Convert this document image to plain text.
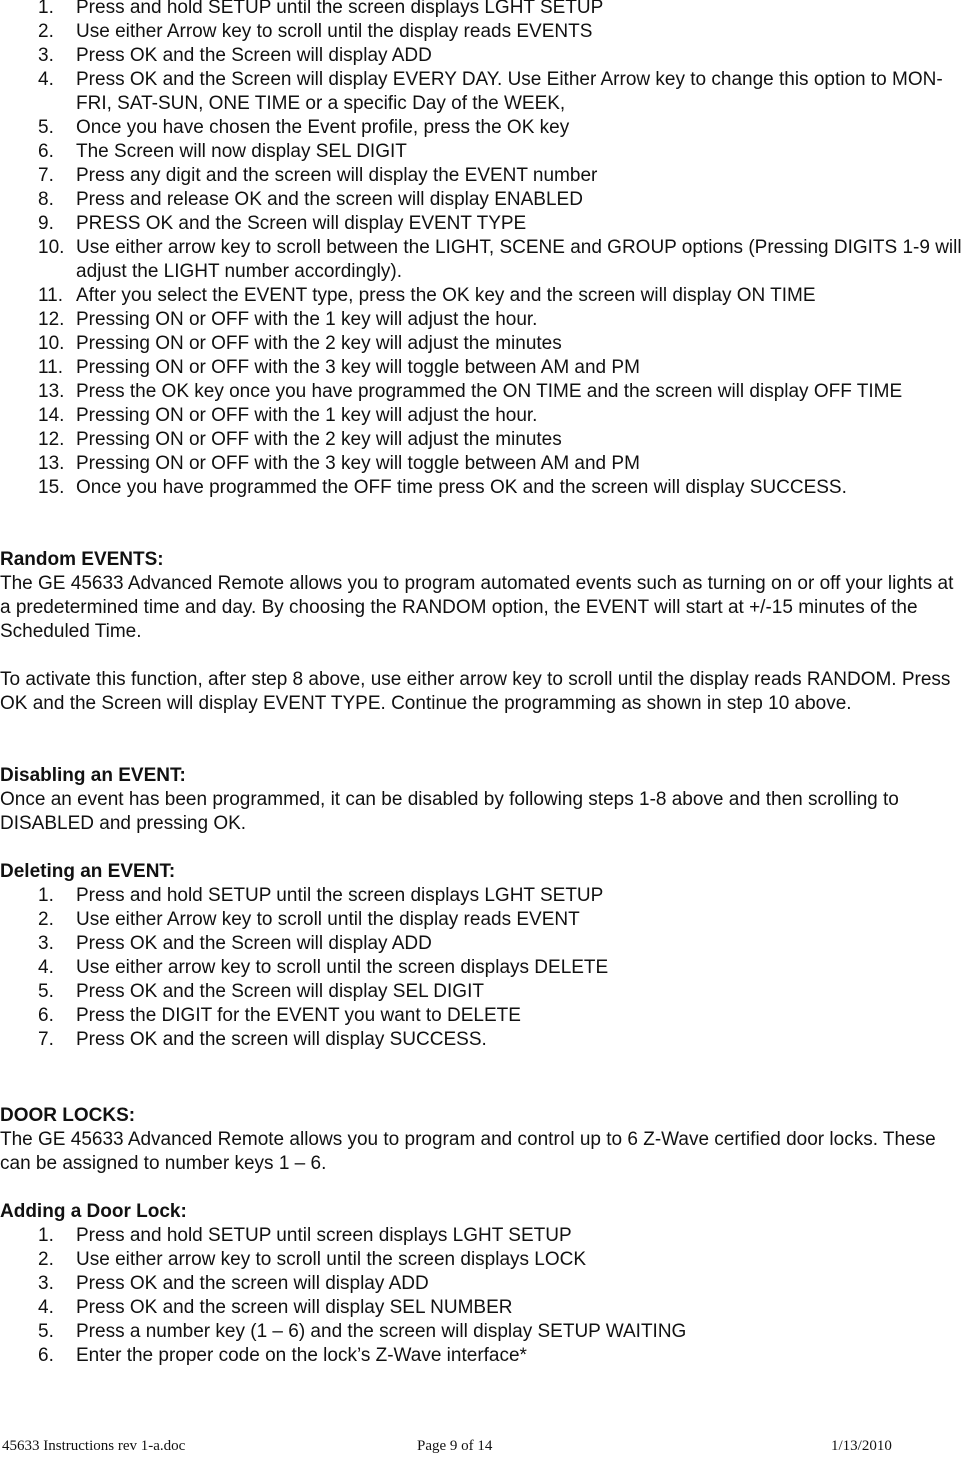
1. Press and hold SETUP until the screen displays LGHT SETUP
2. Use either Arrow key to scroll until the display reads EVENTS
3. Press OK and the Screen will display ADD
4. Press OK and the Screen will display EVERY DAY. Use Either Arrow key to change this option to MON-FRI, SAT-SUN, ONE TIME or a specific Day of the WEEK,
5. Once you have chosen the Event profile, press the OK key
6. The Screen will now display SEL DIGIT
7. Press any digit and the screen will display the EVENT number
8. Press and release OK and the screen will display ENABLED
9. PRESS OK and the Screen will display EVENT TYPE
10. Use either arrow key to scroll between the LIGHT, SCENE and GROUP options (Pressing DIGITS 1-9 will adjust the LIGHT number accordingly).
11. After you select the EVENT type, press the OK key and the screen will display ON TIME
12. Pressing ON or OFF with the 1 key will adjust the hour.
10. Pressing ON or OFF with the 2 key will adjust the minutes
11. Pressing ON or OFF with the 3 key will toggle between AM and PM
13. Press the OK key once you have programmed the ON TIME and the screen will display OFF TIME
14. Pressing ON or OFF with the 1 key will adjust the hour.
12. Pressing ON or OFF with the 2 key will adjust the minutes
13. Pressing ON or OFF with the 3 key will toggle between AM and PM
15. Once you have programmed the OFF time press OK and the screen will display SUCCESS.
Random EVENTS:
The GE 45633 Advanced Remote allows you to program automated events such as turning on or off your lights at a predetermined time and day. By choosing the RANDOM option, the EVENT will start at +/-15 minutes of the Scheduled Time.
To activate this function, after step 8 above, use either arrow key to scroll until the display reads RANDOM. Press OK and the Screen will display EVENT TYPE. Continue the programming as shown in step 10 above.
Disabling an EVENT:
Once an event has been programmed, it can be disabled by following steps 1-8 above and then scrolling to DISABLED and pressing OK.
Deleting an EVENT:
1. Press and hold SETUP until the screen displays LGHT SETUP
2. Use either Arrow key to scroll until the display reads EVENT
3. Press OK and the Screen will display ADD
4. Use either arrow key to scroll until the screen displays DELETE
5. Press OK and the Screen will display SEL DIGIT
6. Press the DIGIT for the EVENT you want to DELETE
7. Press OK and the screen will display SUCCESS.
DOOR LOCKS:
The GE 45633 Advanced Remote allows you to program and control up to 6 Z-Wave certified door locks. These can be assigned to number keys 1 – 6.
Adding a Door Lock:
1. Press and hold SETUP until screen displays LGHT SETUP
2. Use either arrow key to scroll until the screen displays LOCK
3. Press OK and the screen will display ADD
4. Press OK and the screen will display SEL NUMBER
5. Press a number key (1 – 6) and the screen will display SETUP WAITING
6. Enter the proper code on the lock’s Z-Wave interface*
45633 Instructions rev 1-a.doc	Page 9 of 14	1/13/2010
